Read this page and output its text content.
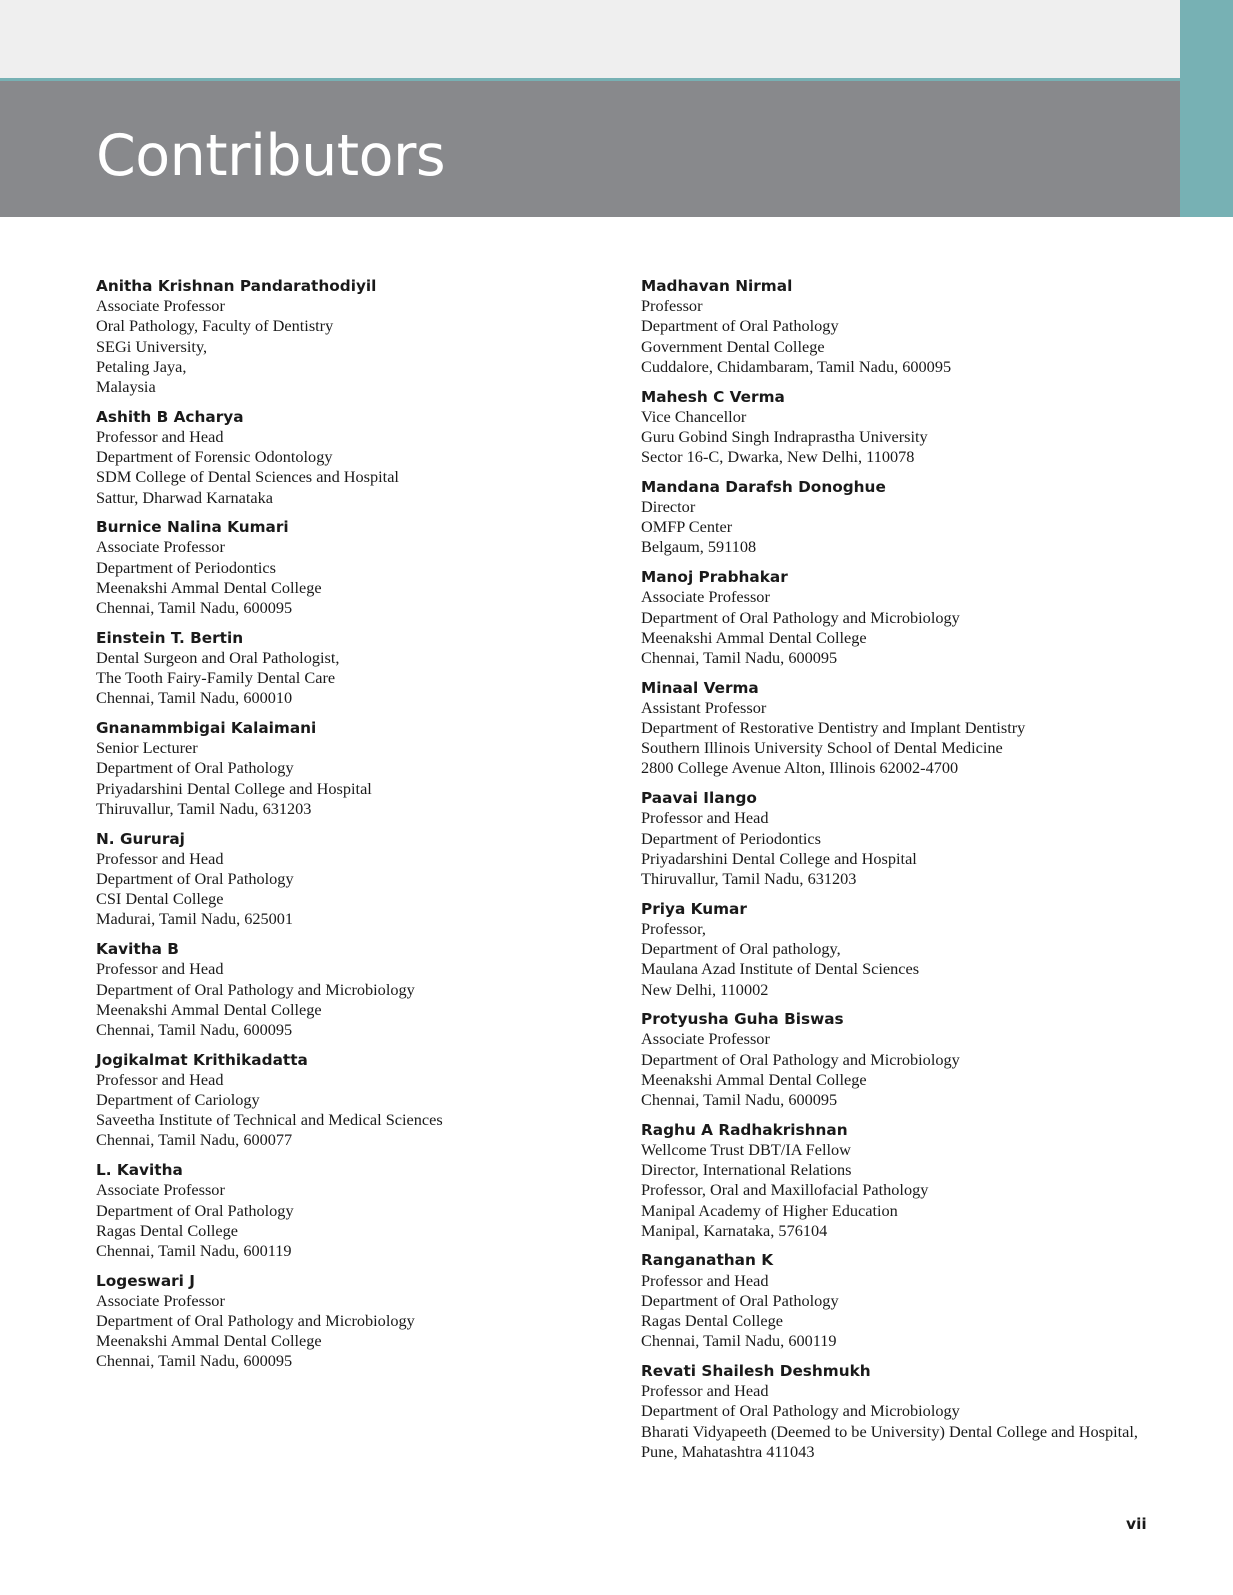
Contributors
Anitha Krishnan Pandarathodiyil
Associate Professor
Oral Pathology, Faculty of Dentistry
SEGi University,
Petaling Jaya,
Malaysia
Ashith B Acharya
Professor and Head
Department of Forensic Odontology
SDM College of Dental Sciences and Hospital
Sattur, Dharwad Karnataka
Burnice Nalina Kumari
Associate Professor
Department of Periodontics
Meenakshi Ammal Dental College
Chennai, Tamil Nadu, 600095
Einstein T. Bertin
Dental Surgeon and Oral Pathologist,
The Tooth Fairy-Family Dental Care
Chennai, Tamil Nadu, 600010
Gnanammbigai Kalaimani
Senior Lecturer
Department of Oral Pathology
Priyadarshini Dental College and Hospital
Thiruvallur, Tamil Nadu, 631203
N. Gururaj
Professor and Head
Department of Oral Pathology
CSI Dental College
Madurai, Tamil Nadu, 625001
Kavitha B
Professor and Head
Department of Oral Pathology and Microbiology
Meenakshi Ammal Dental College
Chennai, Tamil Nadu, 600095
Jogikalmat Krithikadatta
Professor and Head
Department of Cariology
Saveetha Institute of Technical and Medical Sciences
Chennai, Tamil Nadu, 600077
L. Kavitha
Associate Professor
Department of Oral Pathology
Ragas Dental College
Chennai, Tamil Nadu, 600119
Logeswari J
Associate Professor
Department of Oral Pathology and Microbiology
Meenakshi Ammal Dental College
Chennai, Tamil Nadu, 600095
Madhavan Nirmal
Professor
Department of Oral Pathology
Government Dental College
Cuddalore, Chidambaram, Tamil Nadu, 600095
Mahesh C Verma
Vice Chancellor
Guru Gobind Singh Indraprastha University
Sector 16-C, Dwarka, New Delhi, 110078
Mandana Darafsh Donoghue
Director
OMFP Center
Belgaum, 591108
Manoj Prabhakar
Associate Professor
Department of Oral Pathology and Microbiology
Meenakshi Ammal Dental College
Chennai, Tamil Nadu, 600095
Minaal Verma
Assistant Professor
Department of Restorative Dentistry and Implant Dentistry
Southern Illinois University School of Dental Medicine
2800 College Avenue Alton, Illinois 62002-4700
Paavai Ilango
Professor and Head
Department of Periodontics
Priyadarshini Dental College and Hospital
Thiruvallur, Tamil Nadu, 631203
Priya Kumar
Professor,
Department of Oral pathology,
Maulana Azad Institute of Dental Sciences
New Delhi, 110002
Protyusha Guha Biswas
Associate Professor
Department of Oral Pathology and Microbiology
Meenakshi Ammal Dental College
Chennai, Tamil Nadu, 600095
Raghu A Radhakrishnan
Wellcome Trust DBT/IA Fellow
Director, International Relations
Professor, Oral and Maxillofacial Pathology
Manipal Academy of Higher Education
Manipal, Karnataka, 576104
Ranganathan K
Professor and Head
Department of Oral Pathology
Ragas Dental College
Chennai, Tamil Nadu, 600119
Revati Shailesh Deshmukh
Professor and Head
Department of Oral Pathology and Microbiology
Bharati Vidyapeeth (Deemed to be University) Dental College and Hospital,
Pune, Mahatashtra 411043
vii
